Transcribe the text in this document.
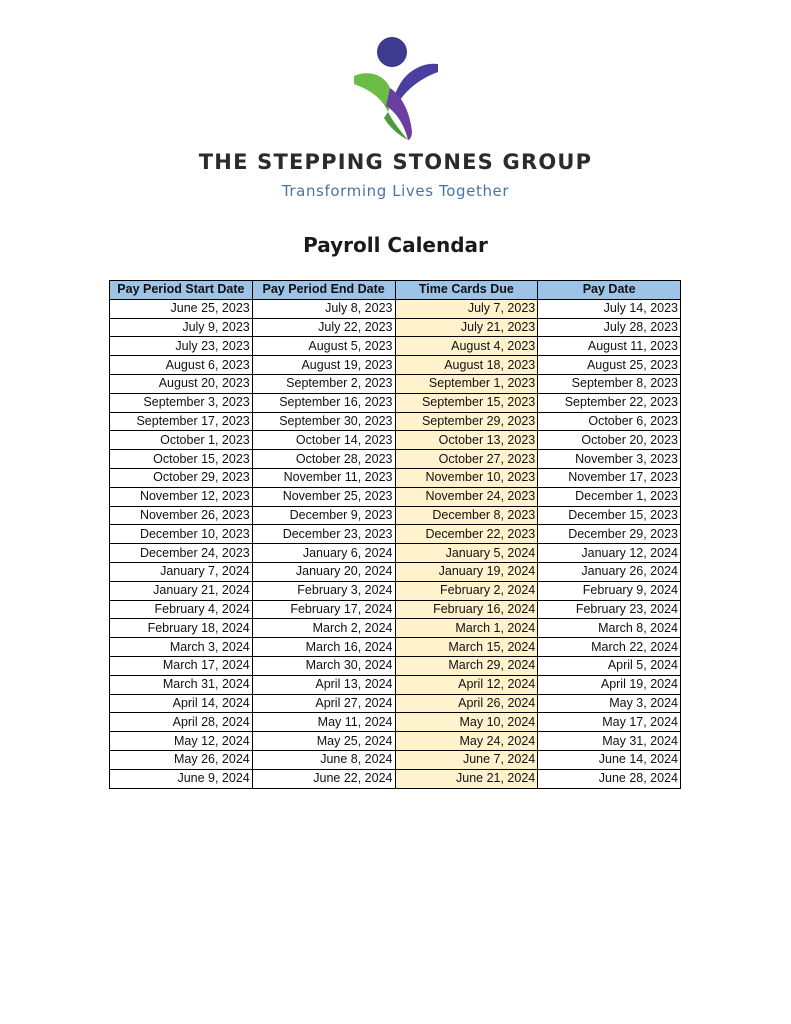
THE STEPPING STONES GROUP
Transforming Lives Together
Payroll Calendar
Pay Period Start Date	Pay Period End Date	Time Cards Due	Pay Date
June 25, 2023	July 8, 2023	July 7, 2023	July 14, 2023
July 9, 2023	July 22, 2023	July 21, 2023	July 28, 2023
July 23, 2023	August 5, 2023	August 4, 2023	August 11, 2023
August 6, 2023	August 19, 2023	August 18, 2023	August 25, 2023
August 20, 2023	September 2, 2023	September 1, 2023	September 8, 2023
September 3, 2023	September 16, 2023	September 15, 2023	September 22, 2023
September 17, 2023	September 30, 2023	September 29, 2023	October 6, 2023
October 1, 2023	October 14, 2023	October 13, 2023	October 20, 2023
October 15, 2023	October 28, 2023	October 27, 2023	November 3, 2023
October 29, 2023	November 11, 2023	November 10, 2023	November 17, 2023
November 12, 2023	November 25, 2023	November 24, 2023	December 1, 2023
November 26, 2023	December 9, 2023	December 8, 2023	December 15, 2023
December 10, 2023	December 23, 2023	December 22, 2023	December 29, 2023
December 24, 2023	January 6, 2024	January 5, 2024	January 12, 2024
January 7, 2024	January 20, 2024	January 19, 2024	January 26, 2024
January 21, 2024	February 3, 2024	February 2, 2024	February 9, 2024
February 4, 2024	February 17, 2024	February 16, 2024	February 23, 2024
February 18, 2024	March 2, 2024	March 1, 2024	March 8, 2024
March 3, 2024	March 16, 2024	March 15, 2024	March 22, 2024
March 17, 2024	March 30, 2024	March 29, 2024	April 5, 2024
March 31, 2024	April 13, 2024	April 12, 2024	April 19, 2024
April 14, 2024	April 27, 2024	April 26, 2024	May 3, 2024
April 28, 2024	May 11, 2024	May 10, 2024	May 17, 2024
May 12, 2024	May 25, 2024	May 24, 2024	May 31, 2024
May 26, 2024	June 8, 2024	June 7, 2024	June 14, 2024
June 9, 2024	June 22, 2024	June 21, 2024	June 28, 2024
